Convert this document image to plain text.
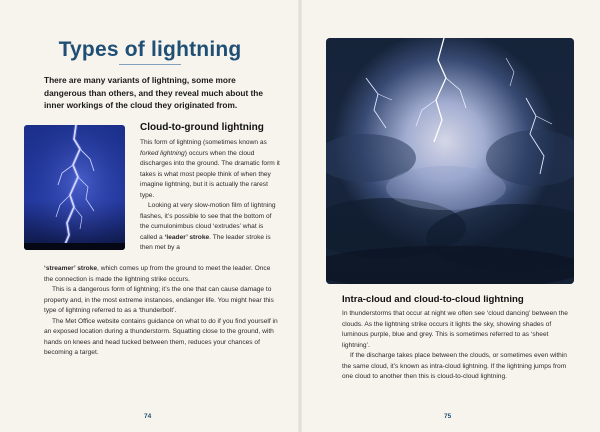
Types of lightning
There are many variants of lightning, some more dangerous than others, and they reveal much about the inner workings of the cloud they originated from.
Cloud-to-ground lightning

This form of lightning (sometimes known as forked lightning) occurs when the cloud discharges into the ground. The dramatic form it takes is what most people think of when they imagine lightning, but it is actually the rarest type.

Looking at very slow-motion film of lightning flashes, it’s possible to see that the bottom of the cumulonimbus cloud ‘extrudes’ what is called a ‘leader’ stroke. The leader stroke is then met by a

‘streamer’ stroke, which comes up from the ground to meet the leader. Once the connection is made the lightning strike occurs.

This is a dangerous form of lightning; it’s the one that can cause damage to property and, in the most extreme instances, endanger life. You might hear this type of lightning referred to as a ‘thunderbolt’.

The Met Office website contains guidance on what to do if you find yourself in an exposed location during a thunderstorm. Squatting close to the ground, with hands on knees and head tucked between them, reduces your chances of becoming a target.

74
Intra-cloud and cloud-to-cloud lightning

In thunderstorms that occur at night we often see ‘cloud dancing’ between the clouds. As the lightning strike occurs it lights the sky, showing shades of luminous purple, blue and grey. This is sometimes referred to as ‘sheet lightning’.

If the discharge takes place between the clouds, or sometimes even within the same cloud, it’s known as intra-cloud lightning. If the lightning jumps from one cloud to another then this is cloud-to-cloud lightning.

75
